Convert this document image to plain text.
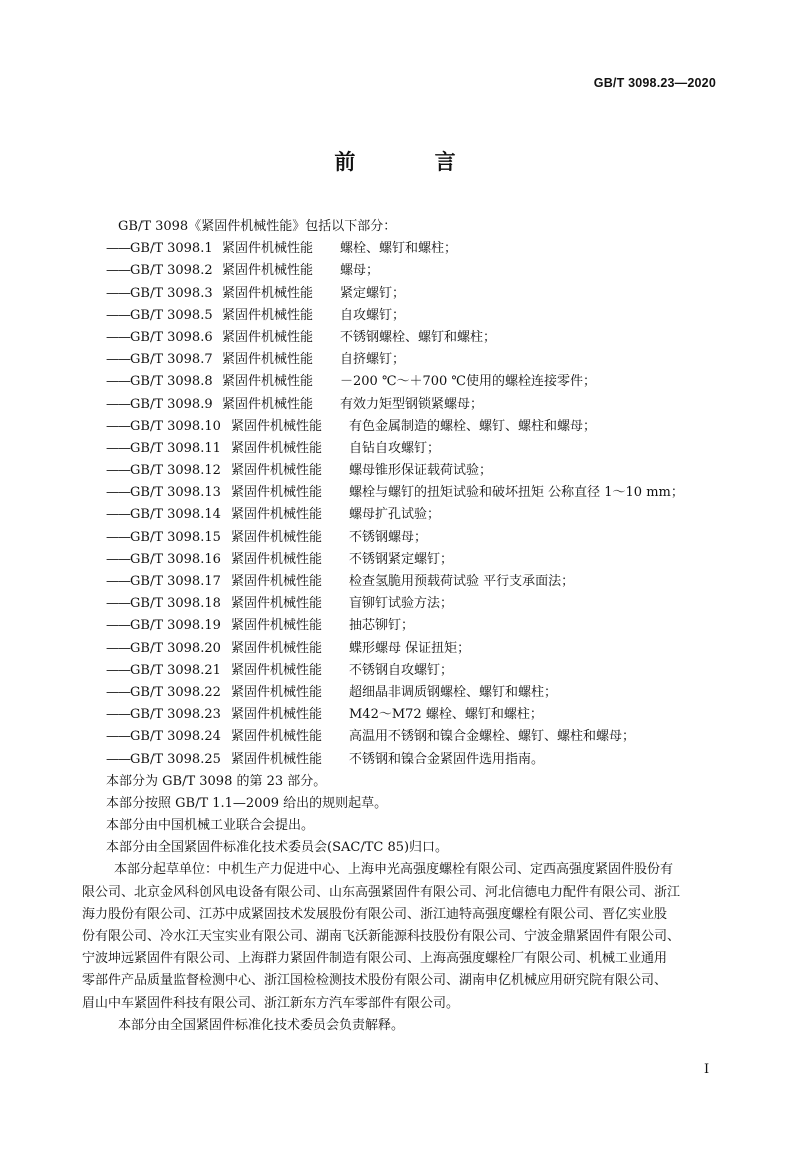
GB/T 3098.23—2020
前 言
GB/T 3098《紧固件机械性能》包括以下部分：
——GB/T 3098.1 紧固件机械性能 螺栓、螺钉和螺柱；
——GB/T 3098.2 紧固件机械性能 螺母；
——GB/T 3098.3 紧固件机械性能 紧定螺钉；
——GB/T 3098.5 紧固件机械性能 自攻螺钉；
——GB/T 3098.6 紧固件机械性能 不锈钢螺栓、螺钉和螺柱；
——GB/T 3098.7 紧固件机械性能 自挤螺钉；
——GB/T 3098.8 紧固件机械性能 －200 ℃～＋700 ℃使用的螺栓连接零件；
——GB/T 3098.9 紧固件机械性能 有效力矩型钢锁紧螺母；
——GB/T 3098.10 紧固件机械性能 有色金属制造的螺栓、螺钉、螺柱和螺母；
——GB/T 3098.11 紧固件机械性能 自钻自攻螺钉；
——GB/T 3098.12 紧固件机械性能 螺母锥形保证载荷试验；
——GB/T 3098.13 紧固件机械性能 螺栓与螺钉的扭矩试验和破坏扭矩 公称直径 1～10 mm；
——GB/T 3098.14 紧固件机械性能 螺母扩孔试验；
——GB/T 3098.15 紧固件机械性能 不锈钢螺母；
——GB/T 3098.16 紧固件机械性能 不锈钢紧定螺钉；
——GB/T 3098.17 紧固件机械性能 检查氢脆用预载荷试验 平行支承面法；
——GB/T 3098.18 紧固件机械性能 盲铆钉试验方法；
——GB/T 3098.19 紧固件机械性能 抽芯铆钉；
——GB/T 3098.20 紧固件机械性能 蝶形螺母 保证扭矩；
——GB/T 3098.21 紧固件机械性能 不锈钢自攻螺钉；
——GB/T 3098.22 紧固件机械性能 超细晶非调质钢螺栓、螺钉和螺柱；
——GB/T 3098.23 紧固件机械性能 M42～M72 螺栓、螺钉和螺柱；
——GB/T 3098.24 紧固件机械性能 高温用不锈钢和镍合金螺栓、螺钉、螺柱和螺母；
——GB/T 3098.25 紧固件机械性能 不锈钢和镍合金紧固件选用指南。
本部分为 GB/T 3098 的第 23 部分。
本部分按照 GB/T 1.1—2009 给出的规则起草。
本部分由中国机械工业联合会提出。
本部分由全国紧固件标准化技术委员会(SAC/TC 85)归口。
本部分起草单位：中机生产力促进中心、上海申光高强度螺栓有限公司、定西高强度紧固件股份有
限公司、北京金风科创风电设备有限公司、山东高强紧固件有限公司、河北信德电力配件有限公司、浙江
海力股份有限公司、江苏中成紧固技术发展股份有限公司、浙江迪特高强度螺栓有限公司、晋亿实业股
份有限公司、冷水江天宝实业有限公司、湖南飞沃新能源科技股份有限公司、宁波金鼎紧固件有限公司、
宁波坤远紧固件有限公司、上海群力紧固件制造有限公司、上海高强度螺栓厂有限公司、机械工业通用
零部件产品质量监督检测中心、浙江国检检测技术股份有限公司、湖南申亿机械应用研究院有限公司、
眉山中车紧固件科技有限公司、浙江新东方汽车零部件有限公司。
本部分由全国紧固件标准化技术委员会负责解释。
I
